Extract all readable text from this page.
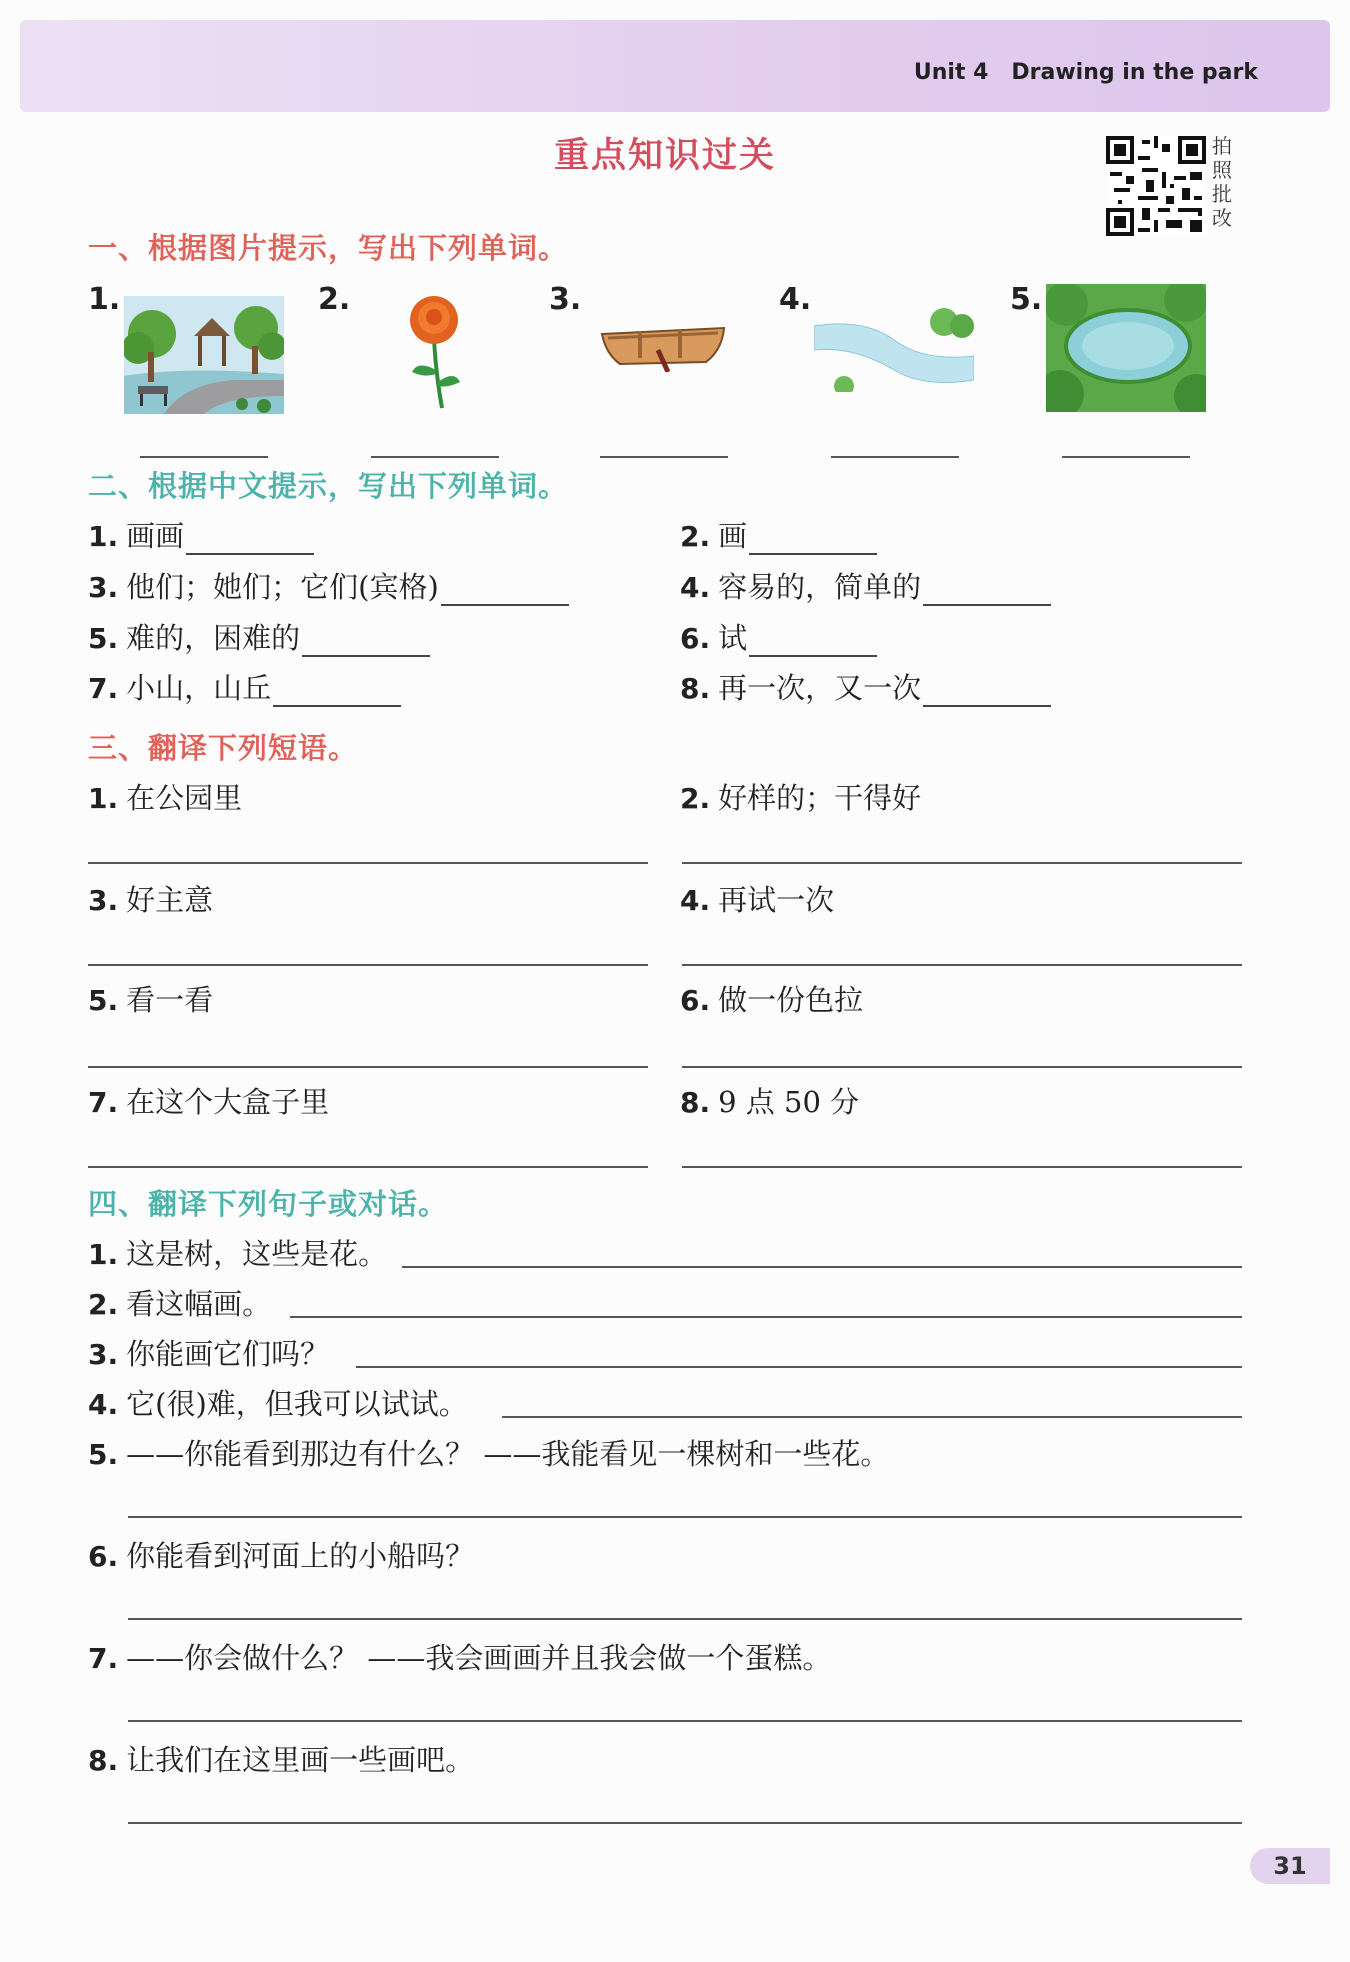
Unit 4   Drawing in the park
重点知识过关	拍照批改
一、根据图片提示，写出下列单词。
1.	2.	3.	4.	5.
二、根据中文提示，写出下列单词。
1. 画画	2. 画
3. 他们；她们；它们(宾格)	4. 容易的，简单的
5. 难的，困难的	6. 试
7. 小山，山丘	8. 再一次，又一次
三、翻译下列短语。
1. 在公园里	2. 好样的；干得好
3. 好主意	4. 再试一次
5. 看一看	6. 做一份色拉
7. 在这个大盒子里	8. 9 点 50 分
四、翻译下列句子或对话。
1. 这是树，这些是花。
2. 看这幅画。
3. 你能画它们吗？
4. 它(很)难，但我可以试试。
5. ——你能看到那边有什么？ ——我能看见一棵树和一些花。
6. 你能看到河面上的小船吗？
7. ——你会做什么？ ——我会画画并且我会做一个蛋糕。
8. 让我们在这里画一些画吧。
31
